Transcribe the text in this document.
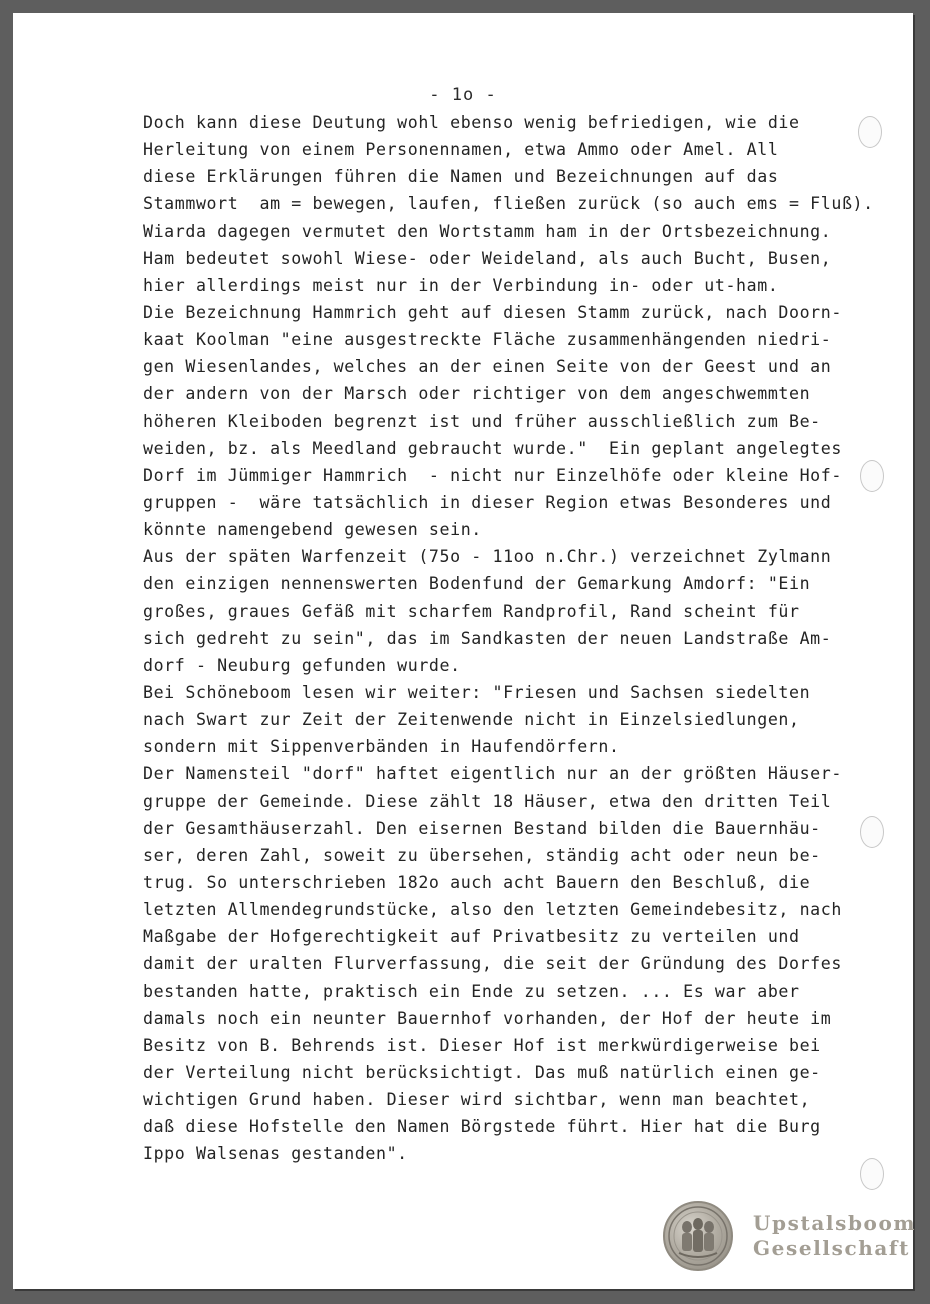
- 1o -
Doch kann diese Deutung wohl ebenso wenig befriedigen, wie die
Herleitung von einem Personennamen, etwa Ammo oder Amel. All
diese Erklärungen führen die Namen und Bezeichnungen auf das
Stammwort  am = bewegen, laufen, fließen zurück (so auch ems = Fluß).
Wiarda dagegen vermutet den Wortstamm ham in der Ortsbezeichnung.
Ham bedeutet sowohl Wiese- oder Weideland, als auch Bucht, Busen,
hier allerdings meist nur in der Verbindung in- oder ut-ham.
Die Bezeichnung Hammrich geht auf diesen Stamm zurück, nach Doorn-
kaat Koolman "eine ausgestreckte Fläche zusammenhängenden niedri-
gen Wiesenlandes, welches an der einen Seite von der Geest und an
der andern von der Marsch oder richtiger von dem angeschwemmten
höheren Kleiboden begrenzt ist und früher ausschließlich zum Be-
weiden, bz. als Meedland gebraucht wurde."  Ein geplant angelegtes
Dorf im Jümmiger Hammrich  - nicht nur Einzelhöfe oder kleine Hof-
gruppen -  wäre tatsächlich in dieser Region etwas Besonderes und
könnte namengebend gewesen sein.
Aus der späten Warfenzeit (75o - 11oo n.Chr.) verzeichnet Zylmann
den einzigen nennenswerten Bodenfund der Gemarkung Amdorf: "Ein
großes, graues Gefäß mit scharfem Randprofil, Rand scheint für
sich gedreht zu sein", das im Sandkasten der neuen Landstraße Am-
dorf - Neuburg gefunden wurde.
Bei Schöneboom lesen wir weiter: "Friesen und Sachsen siedelten
nach Swart zur Zeit der Zeitenwende nicht in Einzelsiedlungen,
sondern mit Sippenverbänden in Haufendörfern.
Der Namensteil "dorf" haftet eigentlich nur an der größten Häuser-
gruppe der Gemeinde. Diese zählt 18 Häuser, etwa den dritten Teil
der Gesamthäuserzahl. Den eisernen Bestand bilden die Bauernhäu-
ser, deren Zahl, soweit zu übersehen, ständig acht oder neun be-
trug. So unterschrieben 182o auch acht Bauern den Beschluß, die
letzten Allmendegrundstücke, also den letzten Gemeindebesitz, nach
Maßgabe der Hofgerechtigkeit auf Privatbesitz zu verteilen und
damit der uralten Flurverfassung, die seit der Gründung des Dorfes
bestanden hatte, praktisch ein Ende zu setzen. ... Es war aber
damals noch ein neunter Bauernhof vorhanden, der Hof der heute im
Besitz von B. Behrends ist. Dieser Hof ist merkwürdigerweise bei
der Verteilung nicht berücksichtigt. Das muß natürlich einen ge-
wichtigen Grund haben. Dieser wird sichtbar, wenn man beachtet,
daß diese Hofstelle den Namen Börgstede führt. Hier hat die Burg
Ippo Walsenas gestanden".
Upstalsboom
Gesellschaft
